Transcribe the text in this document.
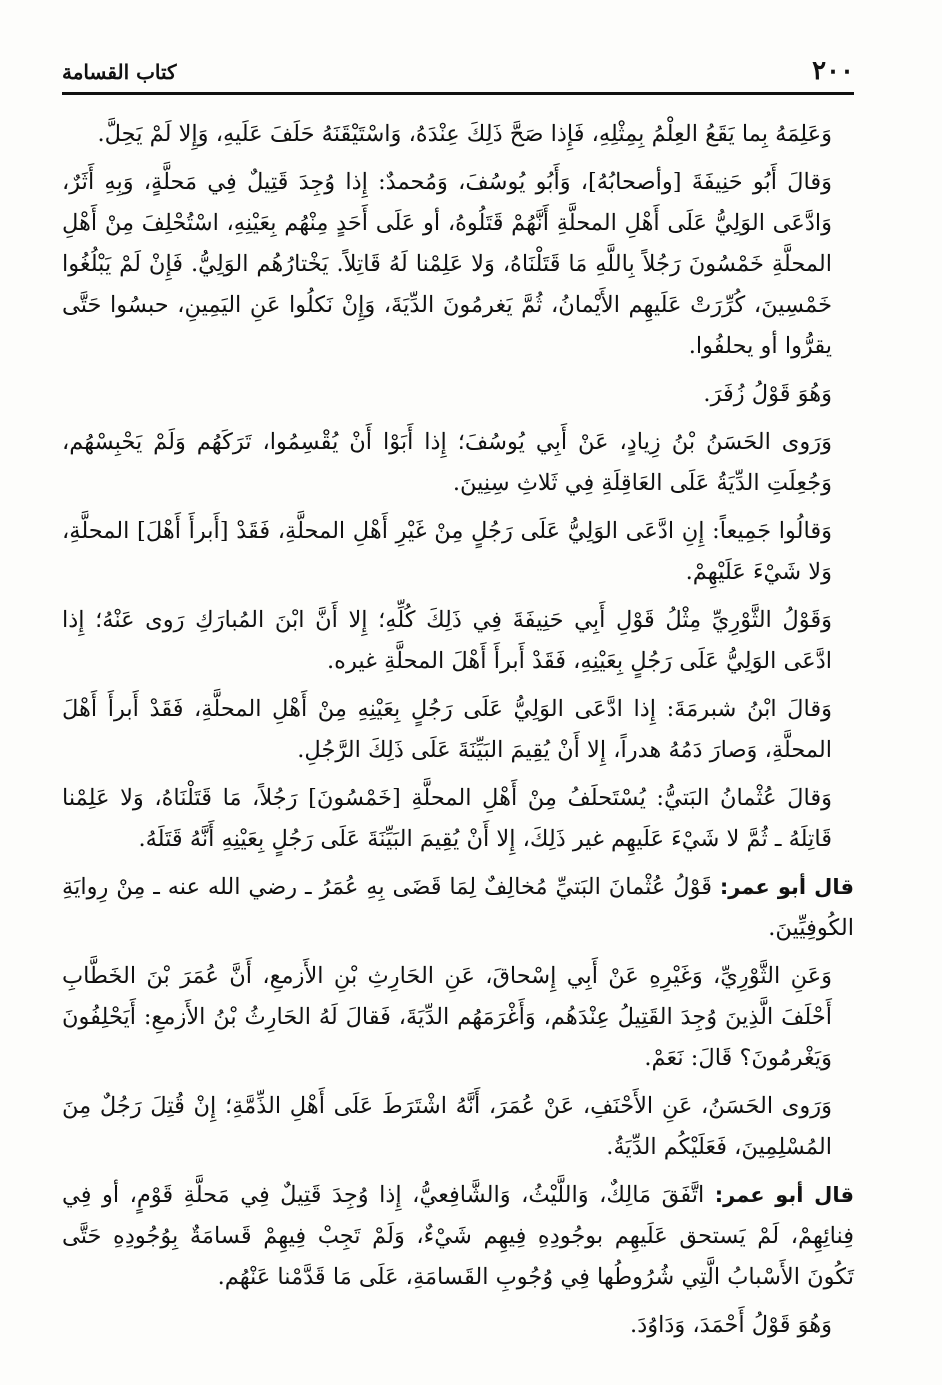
٢٠٠
كتاب القسامة

وَعَلِمَهُ بِما يَقَعُ العِلْمُ بِمِثْلِهِ، فَإِذا صَحَّ ذَلِكَ عِنْدَهُ، وَاسْتَيْقَنَهُ حَلَفَ عَلَيهِ، وَإِلا لَمْ يَحِلَّ.

وَقالَ أَبُو حَنِيفَةَ [وأصحابُهُ]، وَأَبُو يُوسُفَ، وَمُحمدٌ: إِذا وُجِدَ قَتِيلٌ فِي مَحلَّةٍ، وَبِهِ أَثَرٌ، وَادَّعَى الوَلِيُّ عَلَى أَهْلِ المحلَّةِ أَنَّهُمْ قَتَلُوهُ، أو عَلَى أَحَدٍ مِنْهُم بِعَيْنِهِ، اسْتُحْلِفَ مِنْ أَهْلِ المحلَّةِ خَمْسُونَ رَجُلاً بِاللَّهِ مَا قَتَلْنَاهُ، وَلا عَلِمْنا لَهُ قَاتِلاً. يَخْتارُهُم الوَلِيُّ. فَإِنْ لَمْ يَبْلُغُوا خَمْسِينَ، كُرِّرَتْ عَلَيهِم الأَيْمانُ، ثُمَّ يَغرمُونَ الدِّيَةَ، وَإِنْ نَكلُوا عَنِ اليَمِينِ، حبسُوا حَتَّى يقرُّوا أو يحلفُوا.

وَهُوَ قَوْلُ زُفَرَ.

وَرَوى الحَسَنُ بْنُ زِيادٍ، عَنْ أَبِي يُوسُفَ؛ إِذا أَبَوْا أَنْ يُقْسِمُوا، تَرَكَهُم وَلَمْ يَحْبِسْهُم، وَجُعِلَتِ الدِّيَةُ عَلَى العَاقِلَةِ فِي ثَلاثِ سِنِينَ.

وَقالُوا جَمِيعاً: إِنِ ادَّعَى الوَلِيُّ عَلَى رَجُلٍ مِنْ غَيْرِ أَهْلِ المحلَّةِ، فَقَدْ [أَبرأَ أَهْلَ] المحلَّةِ، وَلا شَيْءَ عَلَيْهِمْ.

وَقَوْلُ الثَّوْرِيِّ مِثْلُ قَوْلِ أَبِي حَنِيفَةَ فِي ذَلِكَ كُلِّهِ؛ إِلا أَنَّ ابْنَ المُبارَكِ رَوى عَنْهُ؛ إِذا ادَّعَى الوَلِيُّ عَلَى رَجُلٍ بِعَيْنِهِ، فَقَدْ أَبرأَ أَهْلَ المحلَّةِ غيره.

وَقالَ ابْنُ شبرمَةَ: إِذا ادَّعَى الوَلِيُّ عَلَى رَجُلٍ بِعَيْنِهِ مِنْ أَهْلِ المحلَّةِ، فَقَدْ أَبرأَ أَهْلَ المحلَّةِ، وَصارَ دَمُهُ هدراً، إِلا أَنْ يُقِيمَ البَيِّنَةَ عَلَى ذَلِكَ الرَّجُلِ.

وَقالَ عُثْمانُ البَتيُّ: يُسْتَحلَفُ مِنْ أَهْلِ المحلَّةِ [خَمْسُونَ] رَجُلاً، مَا قَتَلْنَاهُ، وَلا عَلِمْنا قَاتِلَهُ ـ ثُمَّ لا شَيْءَ عَلَيهِم غير ذَلِكَ، إِلا أَنْ يُقِيمَ البَيِّنَةَ عَلَى رَجُلٍ بِعَيْنِهِ أَنَّهُ قَتَلَهُ.

قال أبو عمر: قَوْلُ عُثْمانَ البَتيِّ مُخالِفٌ لِمَا قَضَى بِهِ عُمَرُ ـ رضي الله عنه ـ مِنْ رِوايَةِ الكُوفِيِّينَ.

وَعَنِ الثَّوْرِيِّ، وَغَيْرِهِ عَنْ أَبِي إِسْحاقَ، عَنِ الحَارِثِ بْنِ الأَزمعِ، أَنَّ عُمَرَ بْنَ الخَطَّابِ أَحْلَفَ الَّذِينَ وُجِدَ القَتِيلُ عِنْدَهُم، وَأَغْرَمَهُم الدِّيَةَ، فَقالَ لَهُ الحَارِثُ بْنُ الأَزمعِ: أَيَحْلِفُونَ وَيَغْرمُونَ؟ قَالَ: نَعَمْ.

وَرَوى الحَسَنُ، عَنِ الأَحْنَفِ، عَنْ عُمَرَ، أَنَّهُ اشْتَرَطَ عَلَى أَهْلِ الذِّمَّةِ؛ إِنْ قُتِلَ رَجُلٌ مِنَ المُسْلِمِينَ، فَعَلَيْكُم الدِّيَةُ.

قال أبو عمر: اتَّفَقَ مَالِكٌ، وَاللَّيْثُ، وَالشَّافِعيُّ، إِذا وُجِدَ قَتِيلٌ فِي مَحلَّةِ قَوْمٍ، أو فِي فِنائِهِمْ، لَمْ يَستحق عَلَيهِم بوجُودِهِ فِيهِم شَيْءٌ، وَلَمْ تَجِبْ فِيهِمْ قَسامَةٌ بِوُجُودِهِ حَتَّى تَكُونَ الأَسْبابُ الَّتِي شُرُوطُها فِي وُجُوبِ القَسامَةِ، عَلَى مَا قَدَّمْنا عَنْهُم.

وَهُوَ قَوْلُ أَحْمَدَ، وَدَاوُدَ.
